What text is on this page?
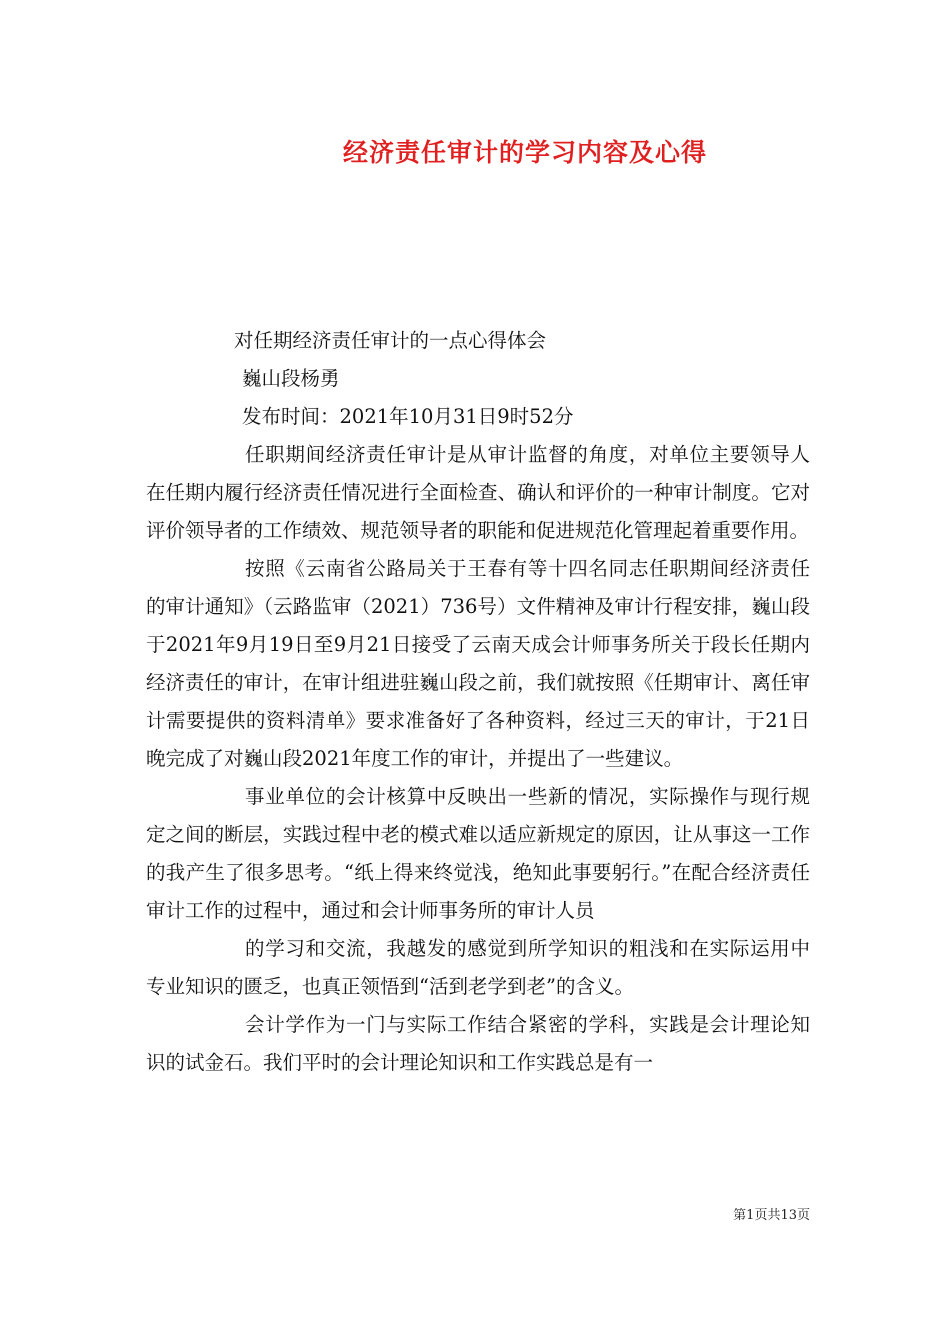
经济责任审计的学习内容及心得

对任期经济责任审计的一点心得体会

巍山段杨勇

发布时间：2021年10月31日9时52分

任职期间经济责任审计是从审计监督的角度，对单位主要领导人在任期内履行经济责任情况进行全面检查、确认和评价的一种审计制度。它对评价领导者的工作绩效、规范领导者的职能和促进规范化管理起着重要作用。

按照《云南省公路局关于王春有等十四名同志任职期间经济责任的审计通知》（云路监审（2021）736号）文件精神及审计行程安排，巍山段于2021年9月19日至9月21日接受了云南天成会计师事务所关于段长任期内经济责任的审计，在审计组进驻巍山段之前，我们就按照《任期审计、离任审计需要提供的资料清单》要求准备好了各种资料，经过三天的审计，于21日晚完成了对巍山段2021年度工作的审计，并提出了一些建议。

事业单位的会计核算中反映出一些新的情况，实际操作与现行规定之间的断层，实践过程中老的模式难以适应新规定的原因，让从事这一工作的我产生了很多思考。“纸上得来终觉浅，绝知此事要躬行。”在配合经济责任审计工作的过程中，通过和会计师事务所的审计人员

的学习和交流，我越发的感觉到所学知识的粗浅和在实际运用中专业知识的匮乏，也真正领悟到“活到老学到老”的含义。

会计学作为一门与实际工作结合紧密的学科，实践是会计理论知识的试金石。我们平时的会计理论知识和工作实践总是有一

第1页共13页
